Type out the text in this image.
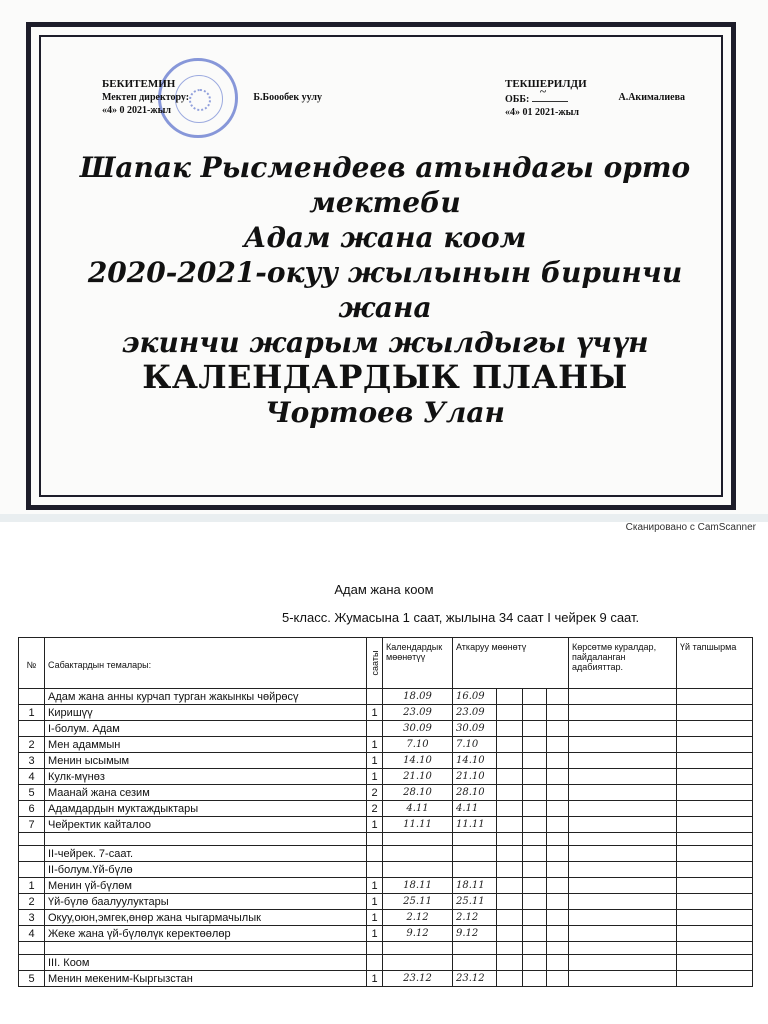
БЕКИТЕМИН
Мектеп директору:	Б.Боообек уулу
«4» 0 2021-жыл
ТЕКШЕРИЛДИ
ОББ: ~	А.Акималиева
«4» 01 2021-жыл
Шапак Рысмендеев атындагы орто мектеби
Адам жана коом
2020-2021-окуу жылынын биринчи жана
экинчи жарым жылдыгы үчүн
КАЛЕНДАРДЫК ПЛАНЫ
Чортоев Улан
Сканировано с CamScanner
Адам жана коом
5-класс. Жумасына 1 саат, жылына 34 саат I чейрек 9 саат.
№	Сабактардын темалары:	сааты	Календардык мөөнөтүү	Аткаруу мөөнөтү				Көрсөтмө куралдар, пайдаланган адабияттар.	Үй тапшырма
	Адам жана анны курчап турган жакынкы чөйрөсү		18.09	16.09					
1	Киришүү	1	23.09	23.09					
	I-болум. Адам		30.09	30.09					
2	Мен адаммын	1	7.10	7.10					
3	Менин ысымым	1	14.10	14.10					
4	Кулк-мүнөз	1	21.10	21.10					
5	Маанай жана сезим	2	28.10	28.10					
6	Адамдардын муктаждыктары	2	4.11	4.11					
7	Чейректик кайталоо	1	11.11	11.11					

	II-чейрек. 7-саат.								
	II-болум.Үй-бүлө								
1	Менин үй-бүлөм	1	18.11	18.11					
2	Үй-бүлө баалуулуктары	1	25.11	25.11					
3	Окуу,оюн,эмгек,өнөр жана чыгармачылык	1	2.12	2.12					
4	Жеке жана үй-бүлөлүк керектөөлөр	1	9.12	9.12					

	III. Коом								
5	Менин мекеним-Кыргызстан	1	23.12	23.12					
